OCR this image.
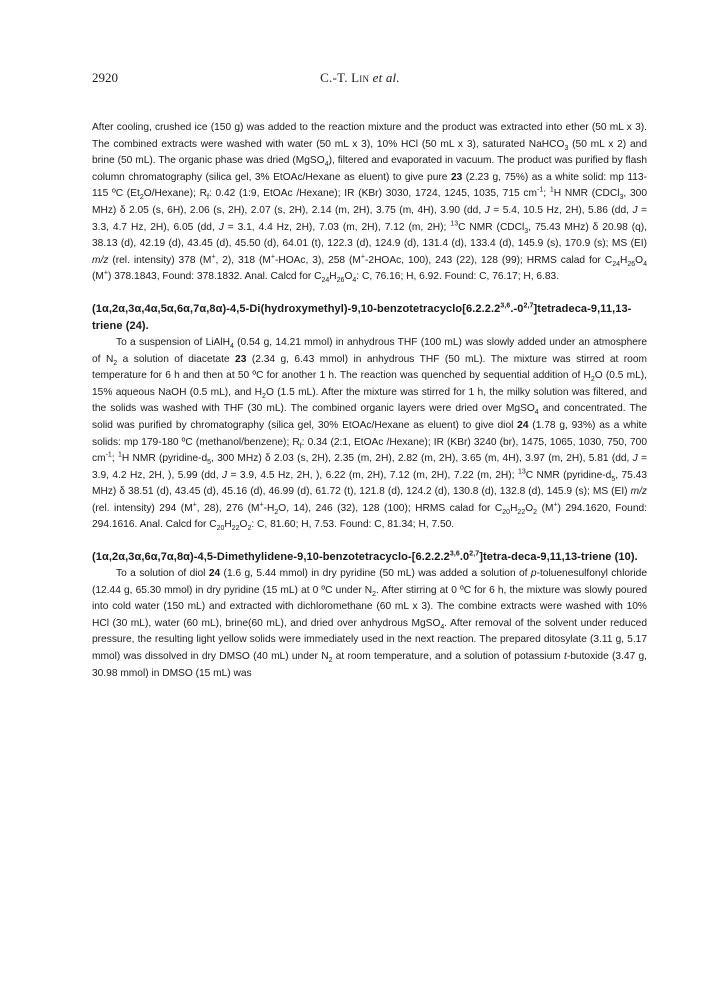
2920	C.-T. Lin et al.

After cooling, crushed ice (150 g) was added to the reaction mixture and the product was extracted into ether (50 mL x 3). The combined extracts were washed with water (50 mL x 3), 10% HCl (50 mL x 3), saturated NaHCO$_3$ (50 mL x 2) and brine (50 mL). The organic phase was dried (MgSO$_4$), filtered and evaporated in vacuum. The product was purified by flash column chromatography (silica gel, 3% EtOAc/Hexane as eluent) to give pure 23 (2.23 g, 75%) as a white solid: mp 113-115 ºC $(Et_2O/Hexane)$; $R_f$: 0.42 (1:9, EtOAc /Hexane); IR (KBr) 3030, 1724, 1245, 1035, 715 $cm^{-1}$; $^1$H NMR (CDCl$_3$, 300 MHz) δ 2.05 (s, 6H), 2.06 (s, 2H), 2.07 (s, 2H), 2.14 (m, 2H), 3.75 (m, 4H), 3.90 (dd, J = 5.4, 10.5 Hz, 2H), 5.86 (dd, J = 3.3, 4.7 Hz, 2H), 6.05 (dd, J = 3.1, 4.4 Hz, 2H), 7.03 (m, 2H), 7.12 (m, 2H); $^{13}$C NMR (CDCl$_3$, 75.43 MHz) δ 20.98 (q), 38.13 (d), 42.19 (d), 43.45 (d), 45.50 (d), 64.01 (t), 122.3 (d), 124.9 (d), 131.4 (d), 133.4 (d), 145.9 (s), 170.9 (s); MS (EI) m/z (rel. intensity) 378 (M+, 2), 318 (M+-HOAc, 3), 258 (M+-2HOAc, 100), 243 (22), 128 (99); HRMS calad for $C_{24}H_{26}O_4$ (M+) 378.1843, Found: 378.1832. Anal. Calcd for $C_{24}H_{26}O_4$: C, 76.16; H, 6.92. Found: C, 76.17; H, 6.83.

(1α,2α,3α,4α,5α,6α,7α,8α)-4,5-Di(hydroxymethyl)-9,10-benzotetracyclo[6.2.2.2$^{3,6}$.-0$^{2,7}$]tetradeca-9,11,13-triene (24).

To a suspension of LiAlH$_4$ (0.54 g, 14.21 mmol) in anhydrous THF (100 mL) was slowly added under an atmosphere of $N_2$ a solution of diacetate 23 (2.34 g, 6.43 mmol) in anhydrous THF (50 mL). The mixture was stirred at room temperature for 6 h and then at 50 ºC for another 1 h. The reaction was quenched by sequential addition of $H_2O$ (0.5 mL), 15% aqueous NaOH (0.5 mL), and $H_2O$ (1.5 mL). After the mixture was stirred for 1 h, the milky solution was filtered, and the solids was washed with THF (30 mL). The combined organic layers were dried over MgSO$_4$ and concentrated. The solid was purified by chromatography (silica gel, 30% EtOAc/Hexane as eluent) to give diol 24 (1.78 g, 93%) as a white solids: mp 179-180 ºC (methanol/benzene); $R_f$: 0.34 (2:1, EtOAc /Hexane); IR (KBr) 3240 (br), 1475, 1065, 1030, 750, 700 $cm^{-1}$; $^1$H NMR ($pyridine-d_5$, 300 MHz) δ 2.03 (s, 2H), 2.35 (m, 2H), 2.82 (m, 2H), 3.65 (m, 4H), 3.97 (m, 2H), 5.81 (dd, J = 3.9, 4.2 Hz, 2H, ), 5.99 (dd, J = 3.9, 4.5 Hz, 2H, ), 6.22 (m, 2H), 7.12 (m, 2H), 7.22 (m, 2H); $^{13}$C NMR ($pyridine-d_5$, 75.43 MHz) δ 38.51 (d), 43.45 (d), 45.16 (d), 46.99 (d), 61.72 (t), 121.8 (d), 124.2 (d), 130.8 (d), 132.8 (d), 145.9 (s); MS (EI) m/z (rel. intensity) 294 (M+, 28), 276 ($M^+-H_2O$, 14), 246 (32), 128 (100); HRMS calad for $C_{20}H_{22}O_2$ (M+) 294.1620, Found: 294.1616. Anal. Calcd for $C_{20}H_{22}O_2$: C, 81.60; H, 7.53. Found: C, 81.34; H, 7.50.

(1α,2α,3α,6α,7α,8α)-4,5-Dimethylidene-9,10-benzotetracyclo-[6.2.2.2$^{3,6}$.0$^{2,7}$]tetra-deca-9,11,13-triene (10).

To a solution of diol 24 (1.6 g, 5.44 mmol) in dry pyridine (50 mL) was added a solution of p-toluenesulfonyl chloride (12.44 g, 65.30 mmol) in dry pyridine (15 mL) at 0 ºC under $N_2$. After stirring at 0 ºC for 6 h, the mixture was slowly poured into cold water (150 mL) and extracted with dichloromethane (60 mL x 3). The combine extracts were washed with 10% HCl (30 mL), water (60 mL), brine(60 mL), and dried over anhydrous MgSO$_4$. After removal of the solvent under reduced pressure, the resulting light yellow solids were immediately used in the next reaction. The prepared ditosylate (3.11 g, 5.17 mmol) was dissolved in dry DMSO (40 mL) under $N_2$ at room temperature, and a solution of potassium t-butoxide (3.47 g, 30.98 mmol) in DMSO (15 mL) was
